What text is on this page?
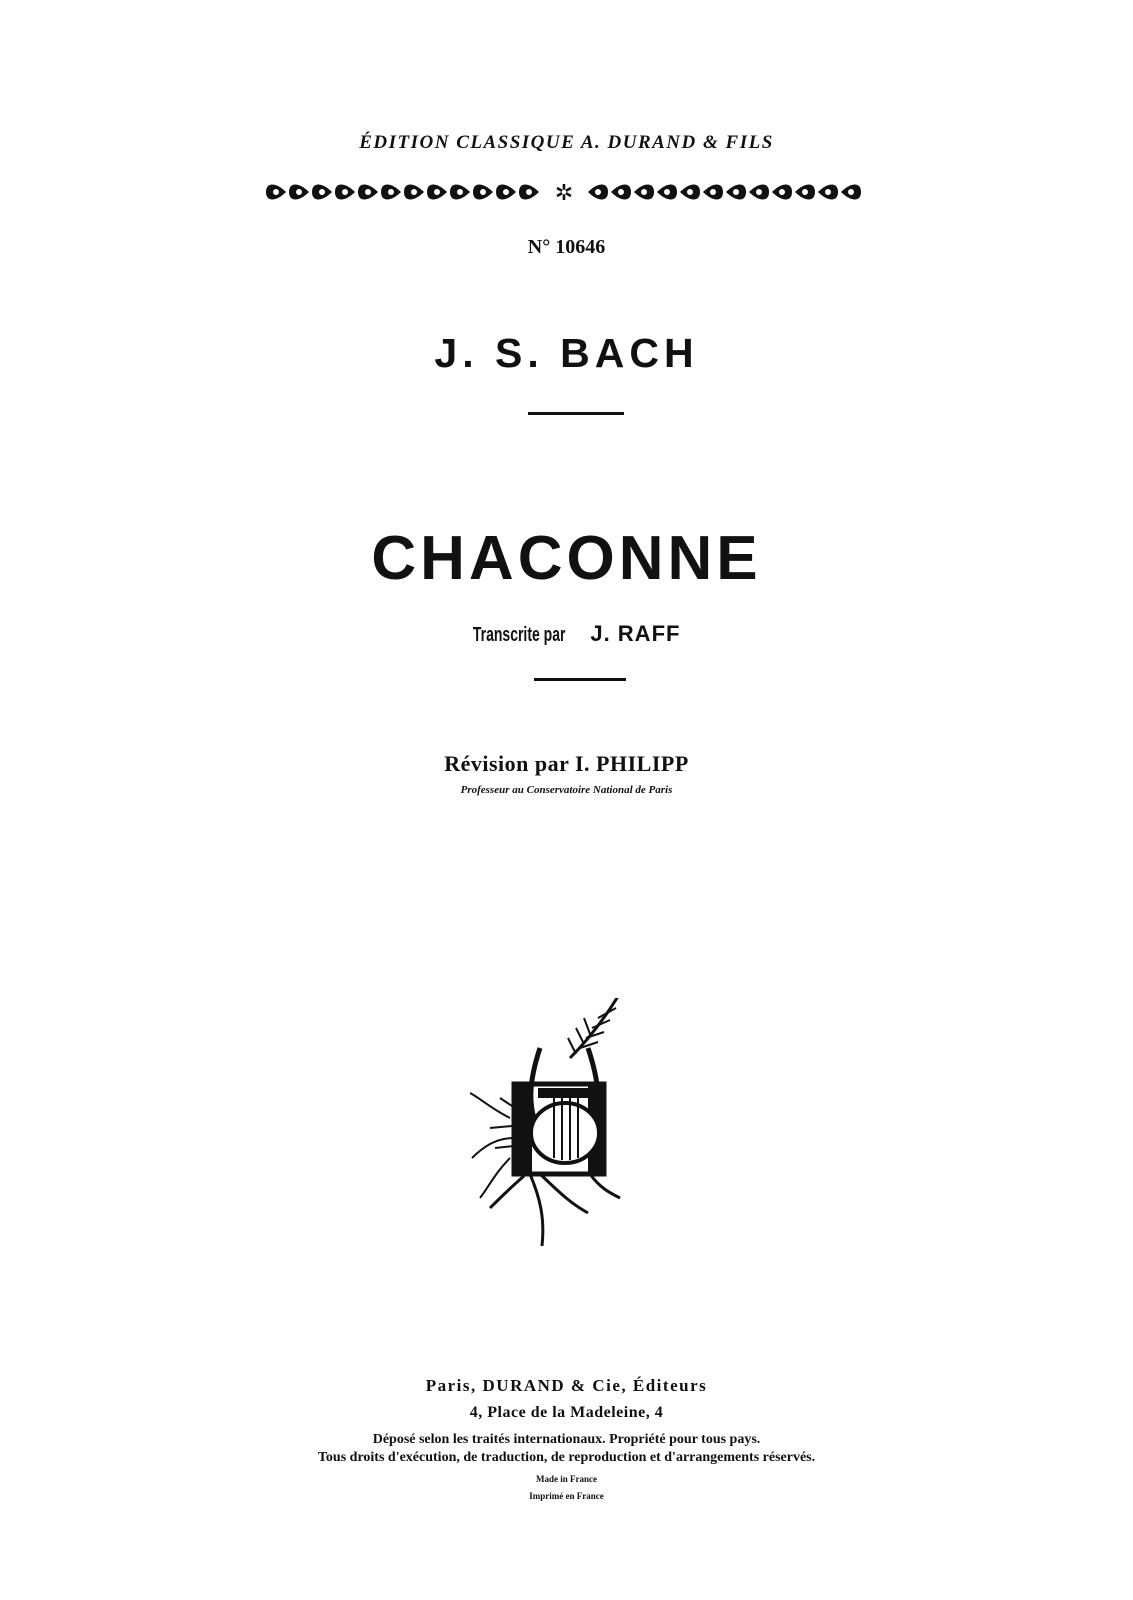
ÉDITION CLASSIQUE A. DURAND & FILS
✲
N° 10646
J. S. BACH
CHACONNE
Transcrite par J. RAFF
Révision par I. PHILIPP
Professeur au Conservatoire National de Paris
Paris, DURAND & Cie, Éditeurs
4, Place de la Madeleine, 4
Déposé selon les traités internationaux. Propriété pour tous pays.
Tous droits d'exécution, de traduction, de reproduction et d'arrangements réservés.
Made in France
Imprimé en France
